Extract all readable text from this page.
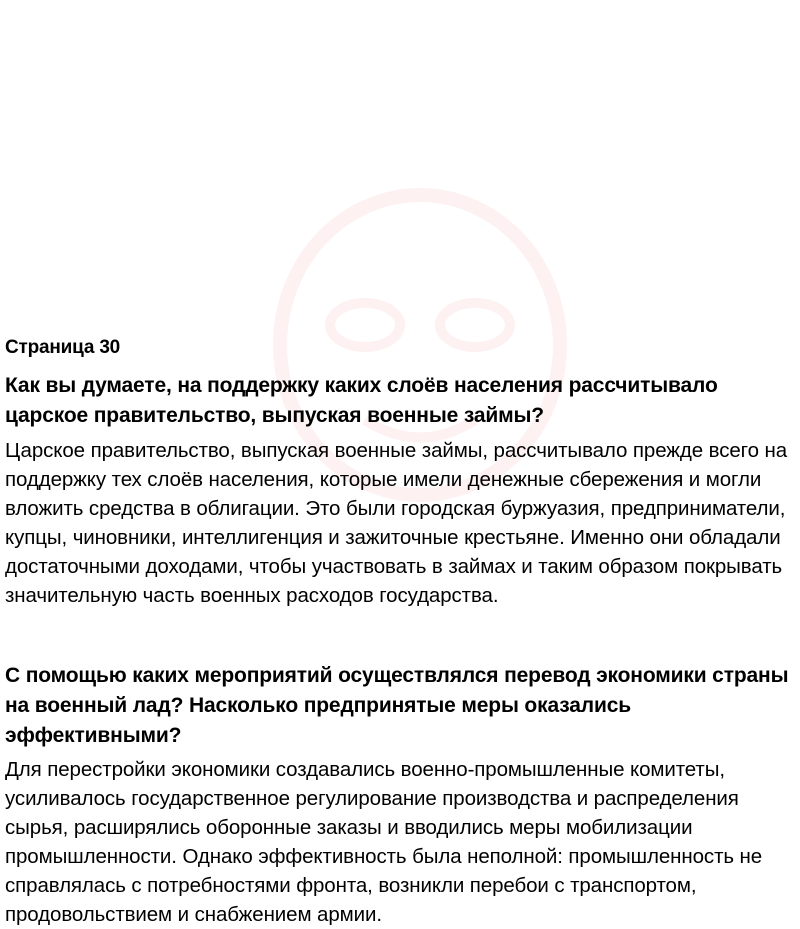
Страница 30
Как вы думаете, на поддержку каких слоёв населения рассчитывало царское правительство, выпуская военные займы?

Царское правительство, выпуская военные займы, рассчитывало прежде всего на поддержку тех слоёв населения, которые имели денежные сбережения и могли вложить средства в облигации. Это были городская буржуазия, предприниматели, купцы, чиновники, интеллигенция и зажиточные крестьяне. Именно они обладали достаточными доходами, чтобы участвовать в займах и таким образом покрывать значительную часть военных расходов государства.

С помощью каких мероприятий осуществлялся перевод экономики страны на военный лад? Насколько предпринятые меры оказались эффективными?

Для перестройки экономики создавались военно-промышленные комитеты, усиливалось государственное регулирование производства и распределения сырья, расширялись оборонные заказы и вводились меры мобилизации промышленности. Однако эффективность была неполной: промышленность не справлялась с потребностями фронта, возникли перебои с транспортом, продовольствием и снабжением армии.
